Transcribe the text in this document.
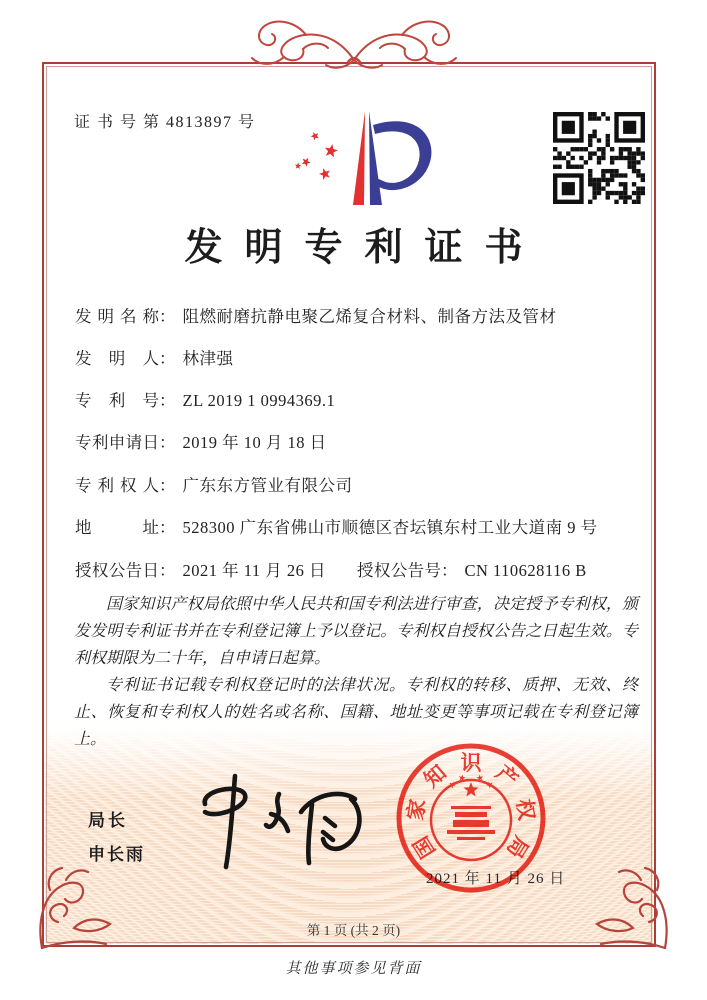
证 书 号 第 4813897 号
发明专利证书
发明名称： 阻燃耐磨抗静电聚乙烯复合材料、制备方法及管材
发明人： 林津强
专利号： ZL 2019 1 0994369.1
专利申请日： 2019 年 10 月 18 日
专利权人： 广东东方管业有限公司
地址： 528300 广东省佛山市顺德区杏坛镇东村工业大道南 9 号
授权公告日： 2021 年 11 月 26 日 授权公告号： CN 110628116 B

国家知识产权局依照中华人民共和国专利法进行审查，决定授予专利权，颁发发明专利证书并在专利登记簿上予以登记。专利权自授权公告之日起生效。专利权期限为二十年，自申请日起算。

专利证书记载专利权登记时的法律状况。专利权的转移、质押、无效、终止、恢复和专利权人的姓名或名称、国籍、地址变更等事项记载在专利登记簿上。

局长
申长雨	国
家
知 识 产
权
局
2021 年 11 月 26 日
第 1 页 (共 2 页)
其他事项参见背面
